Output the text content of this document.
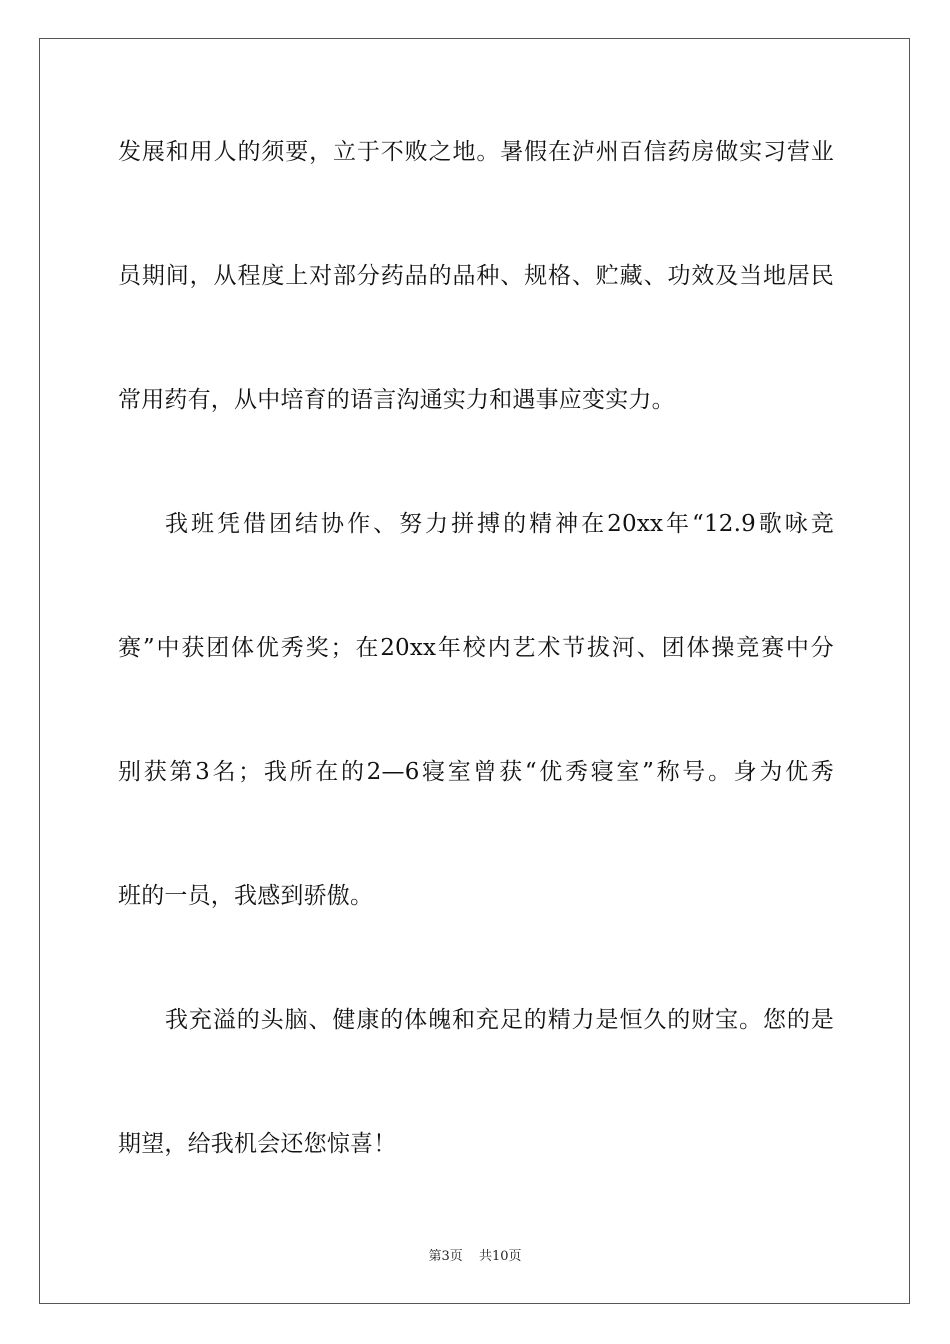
发展和用人的须要，立于不败之地。暑假在泸州百信药房做实习营业
员期间，从程度上对部分药品的品种、规格、贮藏、功效及当地居民
常用药有，从中培育的语言沟通实力和遇事应变实力。
我班凭借团结协作、努力拼搏的精神在20xx年“12.9歌咏竞
赛”中获团体优秀奖；在20xx年校内艺术节拔河、团体操竞赛中分
别获第3名；我所在的2—6寝室曾获“优秀寝室”称号。身为优秀
班的一员，我感到骄傲。
我充溢的头脑、健康的体魄和充足的精力是恒久的财宝。您的是
期望，给我机会还您惊喜！
第3页 共10页
